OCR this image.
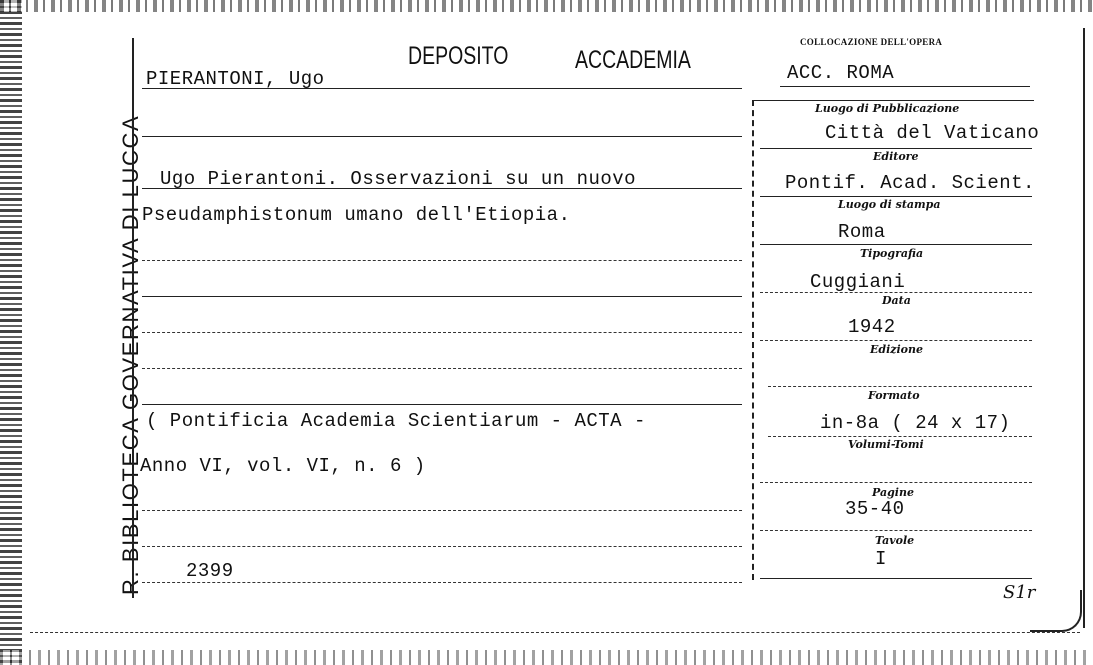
R. BIBLIOTECA GOVERNATIVA DI LUCCA
PIERANTONI, Ugo
DEPOSITO	ACCADEMIA
COLLOCAZIONE DELL'OPERA
ACC. ROMA
Ugo Pierantoni. Osservazioni su un nuovo
Pseudamphistonum umano dell'Etiopia.
( Pontificia Academia Scientiarum - ACTA -
Anno VI, vol. VI, n. 6 )
2399
Luogo di Pubblicazione
Città del Vaticano
Editore
Pontif. Acad. Scient.
Luogo di stampa
Roma
Tipografia
Cuggiani
Data
1942
Edizione
Formato
in-8a ( 24 x 17)
Volumi-Tomi
Pagine
35-40
Tavole
I
S1r
